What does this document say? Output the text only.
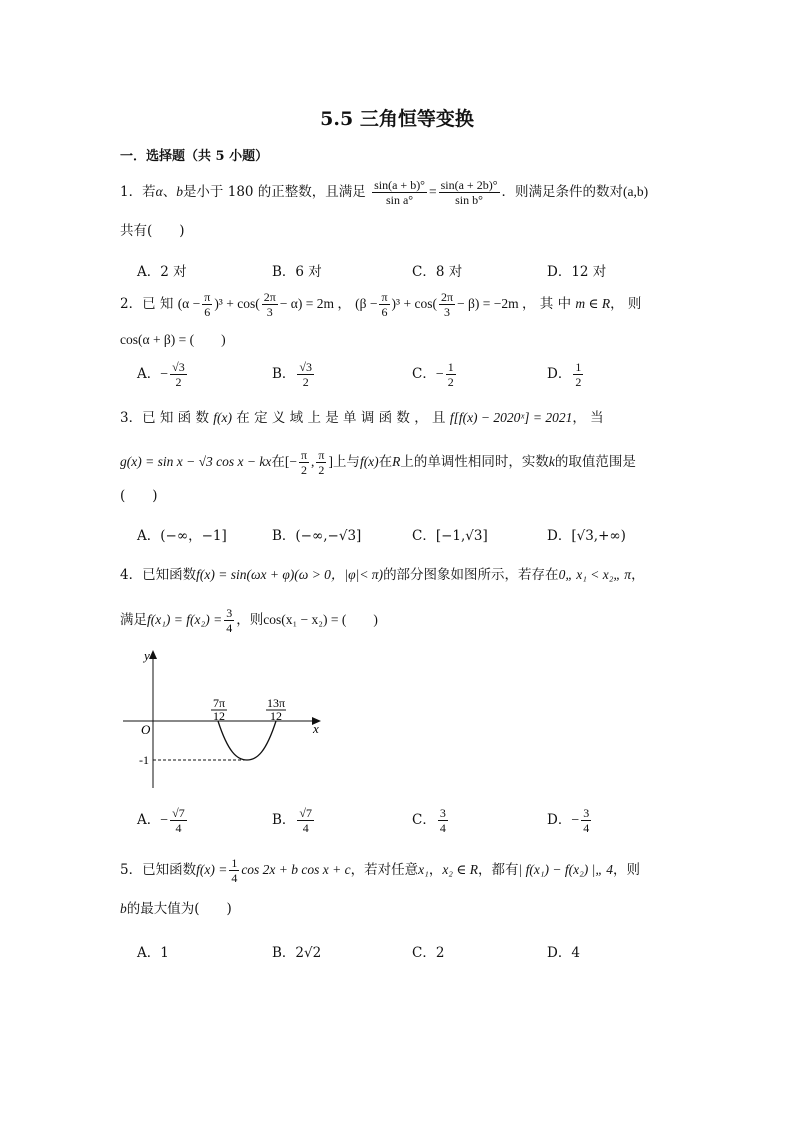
5.5 三角恒等变换
一．选择题（共 5 小题）
1．若α、b是小于 180 的正整数，且满足 $\frac{\sin(a + b)^\circ}{\text{sin a°}} = \frac{\sin(a + 2b)^\circ}{\text{sin b°}}$ ．则满足条件的数对(a,b)
共有(　　)
A．2 对	B．6 对	C．8 对	D．12 对
2．已 知 $(\alpha - \frac{\pi}{6} )^3 + \cos( \frac{2\pi}{3} - \alpha) = 2m$ ， $(\beta - \frac{\pi}{6} )^3 + \cos( \frac{2\pi}{3} - \beta) = -2m$ ， 其 中 m ∈ R， 则
cos(α + β) = (　　)
A．− $\frac{√3}{2}$	B． $\frac{√3}{2}$	C．− $\frac{1}{2}$	D． $\frac{1}{2}$
3．已 知 函 数 f(x) 在 定 义 域 上 是 单 调 函 数 ， 且 f[f(x) − 2020ˣ] = 2021， 当
g(x) = sin x − √3 cos x − kx在[− $\frac{\pi}{2}$ , $\frac{\pi}{2}$ ]上与f(x)在R上的单调性相同时，实数k的取值范围是
(　　)
A．(−∞，−1]	B．(−∞,−√3]	C．[−1,√3]	D．[√3,+∞)
4．已知函数f(x) = sin(ωx + φ)(ω > 0，|φ|< π)的部分图象如图所示，若存在0„ x₁ < x₂„ π，
满足$f(x_1) = f(x_2) = \frac{3}{4}$ ，则cos(x₁ − x₂) = (　　)
y
x
O
7π
12
13π
12
-1
A．− $\frac{√7}{4}$	B． $\frac{√7}{4}$	C． $\frac{3}{4}$	D．− $\frac{3}{4}$
5．已知函数$f(x) = \frac{1}{4}$ cos 2x + b cos x + c，若对任意x₁，x₂ ∈ R，都有| f(x₁) − f(x₂) |„ 4，则
b的最大值为(　　)
A．1	B．2√2	C．2	D．4
